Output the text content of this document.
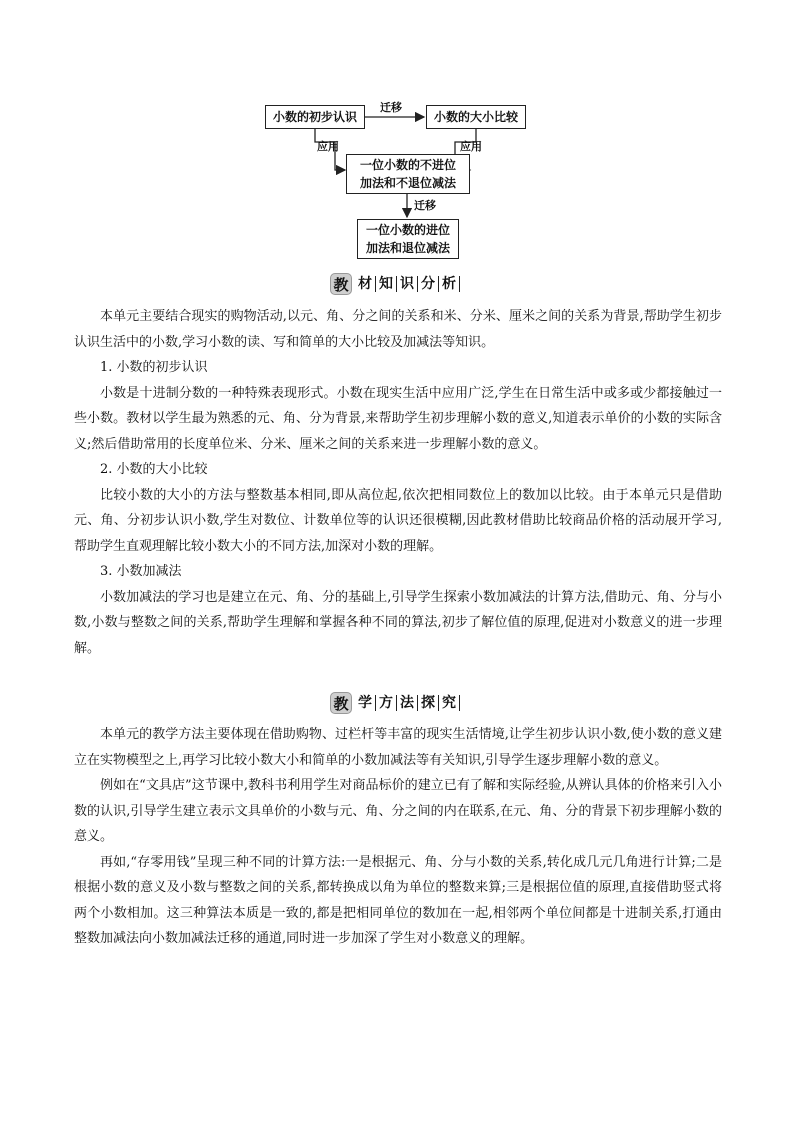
小数的初步认识	小数的大小比较
一位小数的不进位
加法和不退位减法
一位小数的进位
加法和退位减法
迁移
应用	应用
迁移
教 材 知 识 分 析

本单元主要结合现实的购物活动,以元、角、分之间的关系和米、分米、厘米之间的关系为背景,帮助学生初步认识生活中的小数,学习小数的读、写和简单的大小比较及加减法等知识。

1. 小数的初步认识

小数是十进制分数的一种特殊表现形式。小数在现实生活中应用广泛,学生在日常生活中或多或少都接触过一些小数。教材以学生最为熟悉的元、角、分为背景,来帮助学生初步理解小数的意义,知道表示单价的小数的实际含义;然后借助常用的长度单位米、分米、厘米之间的关系来进一步理解小数的意义。

2. 小数的大小比较

比较小数的大小的方法与整数基本相同,即从高位起,依次把相同数位上的数加以比较。由于本单元只是借助元、角、分初步认识小数,学生对数位、计数单位等的认识还很模糊,因此教材借助比较商品价格的活动展开学习,帮助学生直观理解比较小数大小的不同方法,加深对小数的理解。

3. 小数加减法

小数加减法的学习也是建立在元、角、分的基础上,引导学生探索小数加减法的计算方法,借助元、角、分与小数,小数与整数之间的关系,帮助学生理解和掌握各种不同的算法,初步了解位值的原理,促进对小数意义的进一步理解。

教 学 方 法 探 究

本单元的教学方法主要体现在借助购物、过栏杆等丰富的现实生活情境,让学生初步认识小数,使小数的意义建立在实物模型之上,再学习比较小数大小和简单的小数加减法等有关知识,引导学生逐步理解小数的意义。

例如在“文具店”这节课中,教科书利用学生对商品标价的建立已有了解和实际经验,从辨认具体的价格来引入小数的认识,引导学生建立表示文具单价的小数与元、角、分之间的内在联系,在元、角、分的背景下初步理解小数的意义。

再如,“存零用钱”呈现三种不同的计算方法:一是根据元、角、分与小数的关系,转化成几元几角进行计算;二是根据小数的意义及小数与整数之间的关系,都转换成以角为单位的整数来算;三是根据位值的原理,直接借助竖式将两个小数相加。这三种算法本质是一致的,都是把相同单位的数加在一起,相邻两个单位间都是十进制关系,打通由整数加减法向小数加减法迁移的通道,同时进一步加深了学生对小数意义的理解。
